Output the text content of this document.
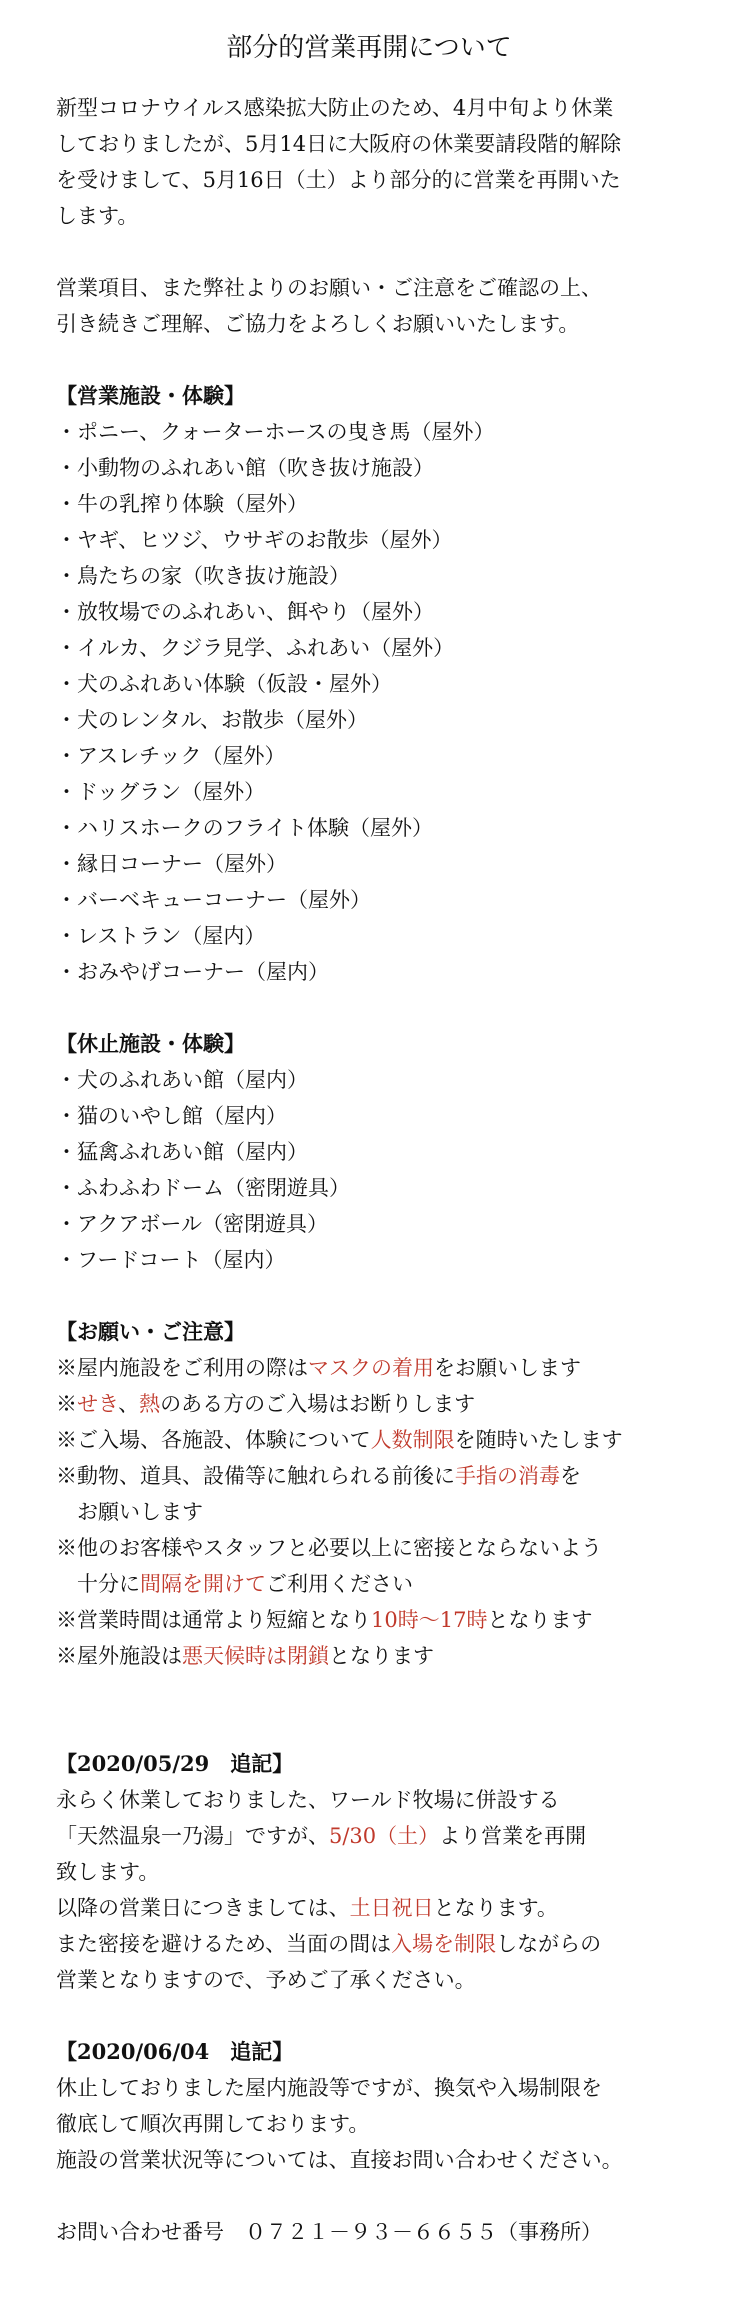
部分的営業再開について
新型コロナウイルス感染拡大防止のため、4月中旬より休業
しておりましたが、5月14日に大阪府の休業要請段階的解除
を受けまして、5月16日（土）より部分的に営業を再開いた
します。
営業項目、また弊社よりのお願い・ご注意をご確認の上、
引き続きご理解、ご協力をよろしくお願いいたします。
【営業施設・体験】
・ポニー、クォーターホースの曳き馬（屋外）
・小動物のふれあい館（吹き抜け施設）
・牛の乳搾り体験（屋外）
・ヤギ、ヒツジ、ウサギのお散歩（屋外）
・鳥たちの家（吹き抜け施設）
・放牧場でのふれあい、餌やり（屋外）
・イルカ、クジラ見学、ふれあい（屋外）
・犬のふれあい体験（仮設・屋外）
・犬のレンタル、お散歩（屋外）
・アスレチック（屋外）
・ドッグラン（屋外）
・ハリスホークのフライト体験（屋外）
・縁日コーナー（屋外）
・バーベキューコーナー（屋外）
・レストラン（屋内）
・おみやげコーナー（屋内）
【休止施設・体験】
・犬のふれあい館（屋内）
・猫のいやし館（屋内）
・猛禽ふれあい館（屋内）
・ふわふわドーム（密閉遊具）
・アクアボール（密閉遊具）
・フードコート（屋内）
【お願い・ご注意】
※屋内施設をご利用の際はマスクの着用をお願いします
※せき、熱のある方のご入場はお断りします
※ご入場、各施設、体験について人数制限を随時いたします
※動物、道具、設備等に触れられる前後に手指の消毒を
お願いします
※他のお客様やスタッフと必要以上に密接とならないよう
十分に間隔を開けてご利用ください
※営業時間は通常より短縮となり10時～17時となります
※屋外施設は悪天候時は閉鎖となります
【2020/05/29　追記】
永らく休業しておりました、ワールド牧場に併設する
「天然温泉一乃湯」ですが、5/30（土）より営業を再開
致します。
以降の営業日につきましては、土日祝日となります。
また密接を避けるため、当面の間は入場を制限しながらの
営業となりますので、予めご了承ください。
【2020/06/04　追記】
休止しておりました屋内施設等ですが、換気や入場制限を
徹底して順次再開しております。
施設の営業状況等については、直接お問い合わせください。
お問い合わせ番号　０７２１－９３－６６５５（事務所）
